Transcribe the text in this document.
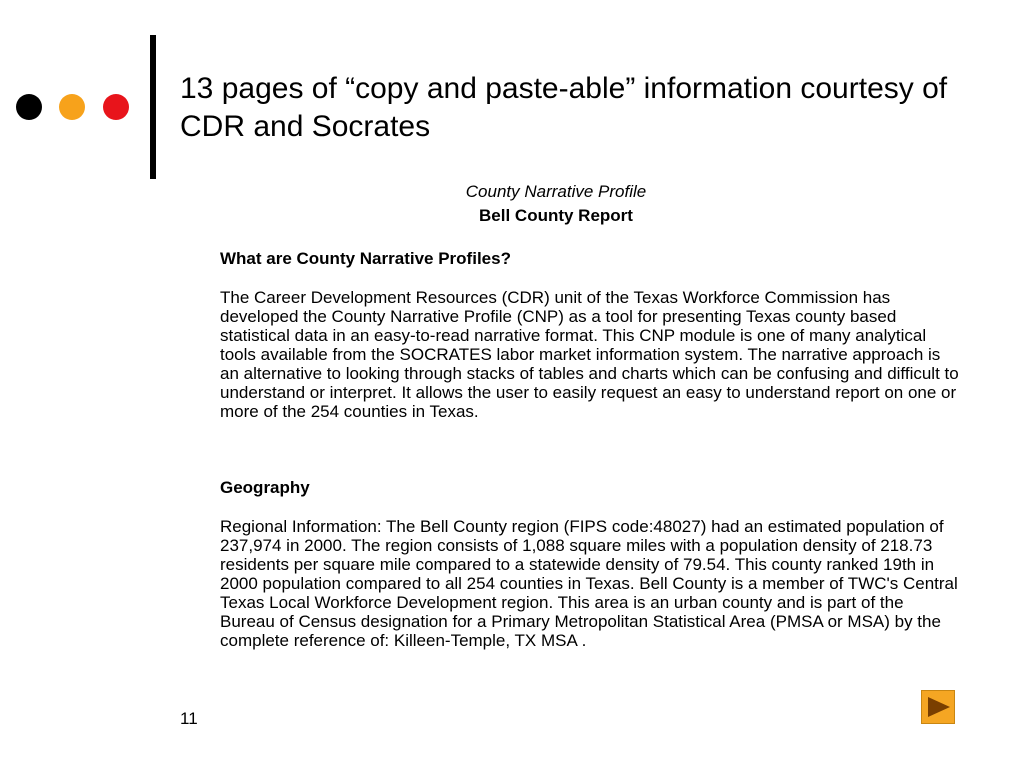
13 pages of “copy and paste-able” information courtesy of CDR and Socrates
County Narrative Profile
Bell County Report
What are County Narrative Profiles?

The Career Development Resources (CDR) unit of the Texas Workforce Commission has developed the County Narrative Profile (CNP) as a tool for presenting Texas county based statistical data in an easy-to-read narrative format. This CNP module is one of many analytical tools available from the SOCRATES labor market information system. The narrative approach is an alternative to looking through stacks of tables and charts which can be confusing and difficult to understand or interpret. It allows the user to easily request an easy to understand report on one or more of the 254 counties in Texas.

Geography

Regional Information: The Bell County region (FIPS code:48027) had an estimated population of 237,974 in 2000. The region consists of 1,088 square miles with a population density of 218.73 residents per square mile compared to a statewide density of 79.54. This county ranked 19th in 2000 population compared to all 254 counties in Texas. Bell County is a member of TWC's Central Texas Local Workforce Development region. This area is an urban county and is part of the Bureau of Census designation for a Primary Metropolitan Statistical Area (PMSA or MSA) by the complete reference of: Killeen-Temple, TX MSA .

11
